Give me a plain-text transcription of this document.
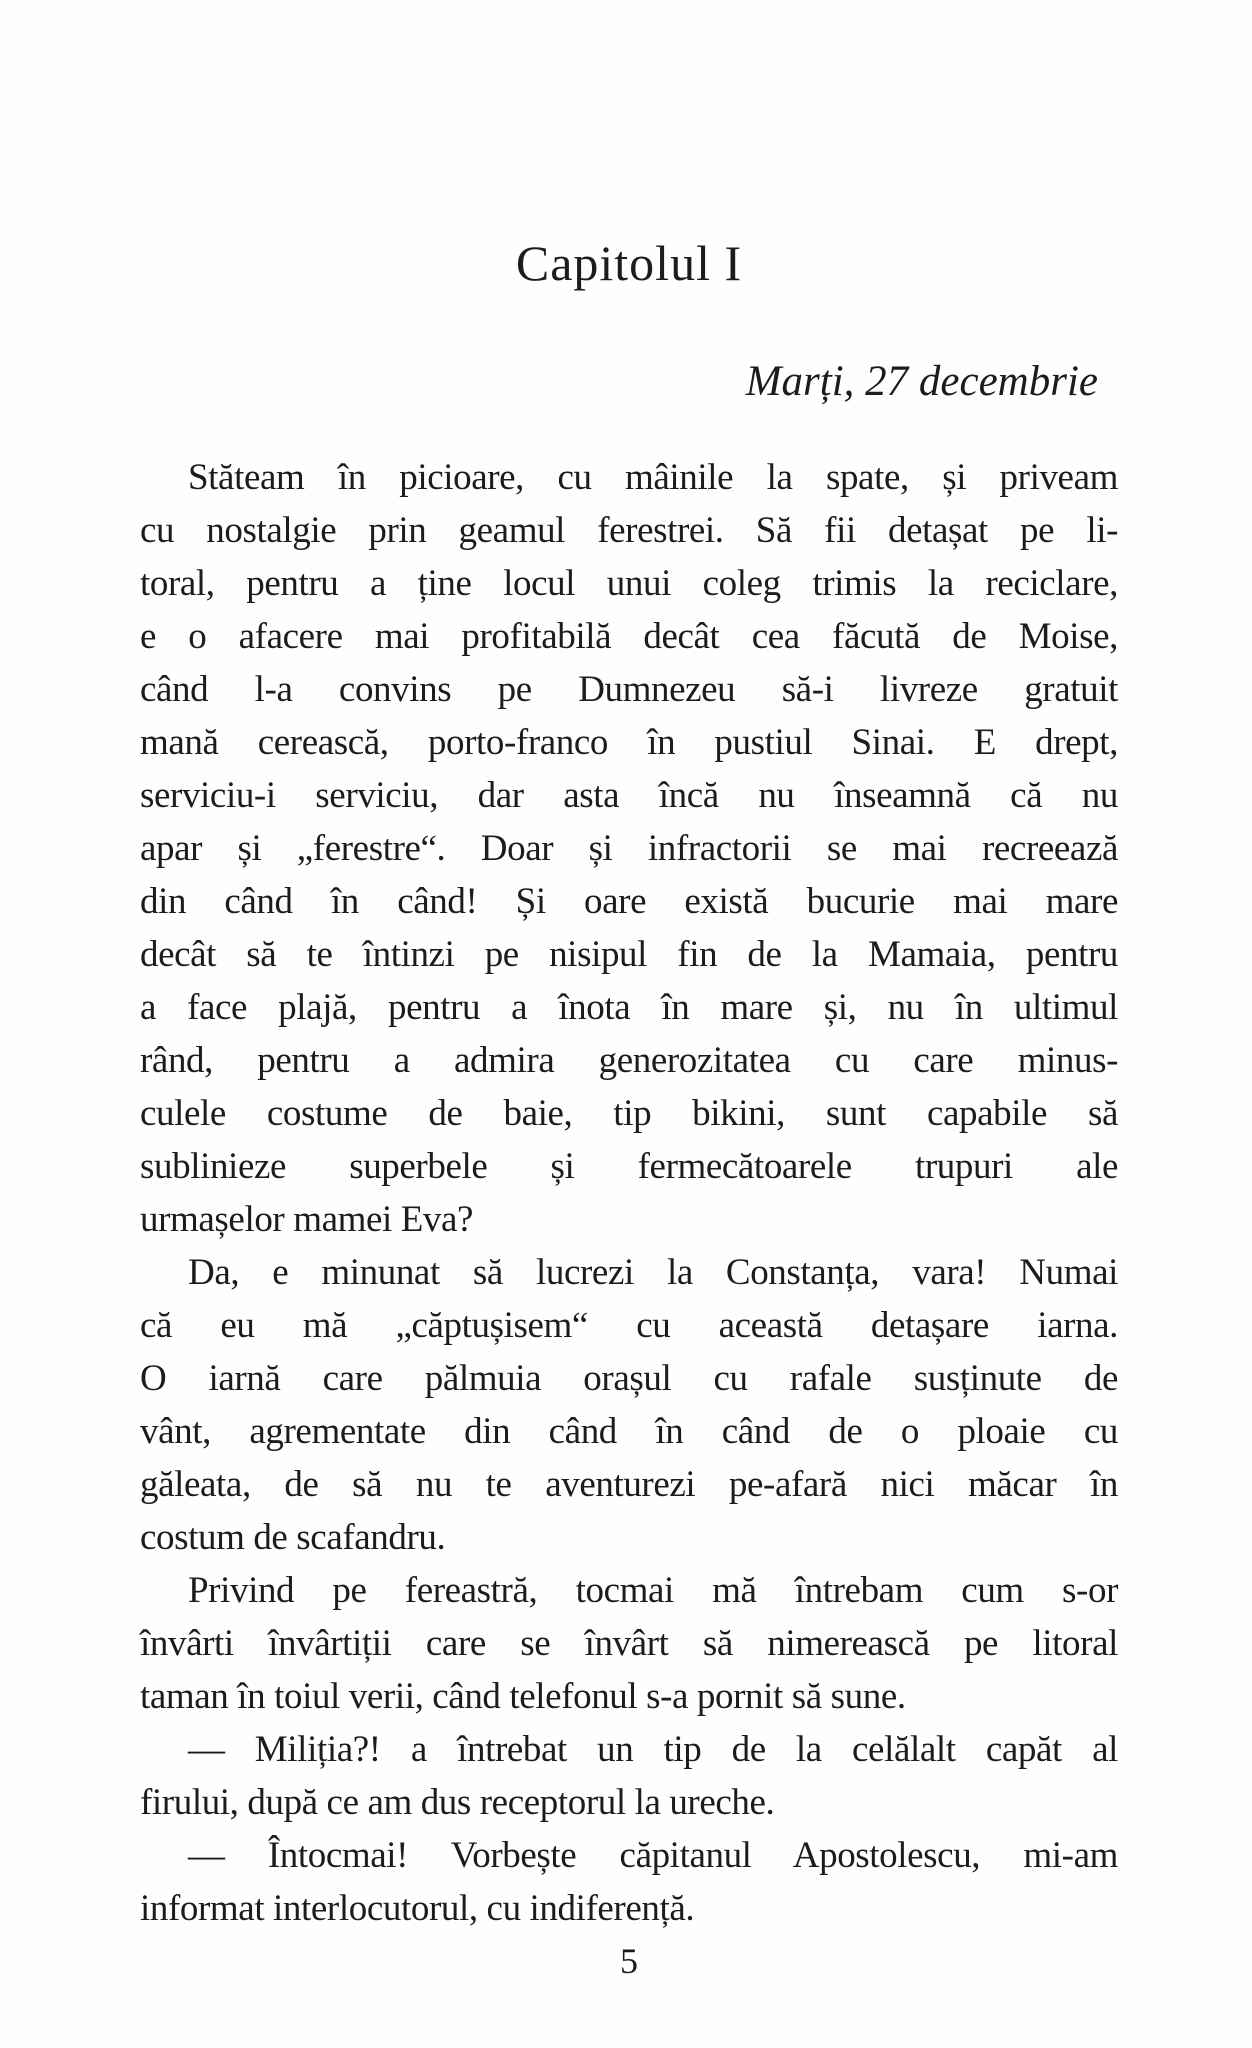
Capitolul I
Marți, 27 decembrie
Stăteam în picioare, cu mâinile la spate, și priveam
cu nostalgie prin geamul ferestrei. Să fii detașat pe li-
toral, pentru a ține locul unui coleg trimis la reciclare,
e o afacere mai profitabilă decât cea făcută de Moise,
când l-a convins pe Dumnezeu să-i livreze gratuit
mană cerească, porto-franco în pustiul Sinai. E drept,
serviciu-i serviciu, dar asta încă nu înseamnă că nu
apar și „ferestre“. Doar și infractorii se mai recreează
din când în când! Și oare există bucurie mai mare
decât să te întinzi pe nisipul fin de la Mamaia, pentru
a face plajă, pentru a înota în mare și, nu în ultimul
rând, pentru a admira generozitatea cu care minus-
culele costume de baie, tip bikini, sunt capabile să
sublinieze superbele și fermecătoarele trupuri ale
urmașelor mamei Eva?
Da, e minunat să lucrezi la Constanța, vara! Numai
că eu mă „căptușisem“ cu această detașare iarna.
O iarnă care pălmuia orașul cu rafale susținute de
vânt, agrementate din când în când de o ploaie cu
găleata, de să nu te aventurezi pe-afară nici măcar în
costum de scafandru.
Privind pe fereastră, tocmai mă întrebam cum s-or
învârti învârtiții care se învârt să nimerească pe litoral
taman în toiul verii, când telefonul s-a pornit să sune.
— Miliția?! a întrebat un tip de la celălalt capăt al
firului, după ce am dus receptorul la ureche.
— Întocmai! Vorbește căpitanul Apostolescu, mi-am
informat interlocutorul, cu indiferență.
5
